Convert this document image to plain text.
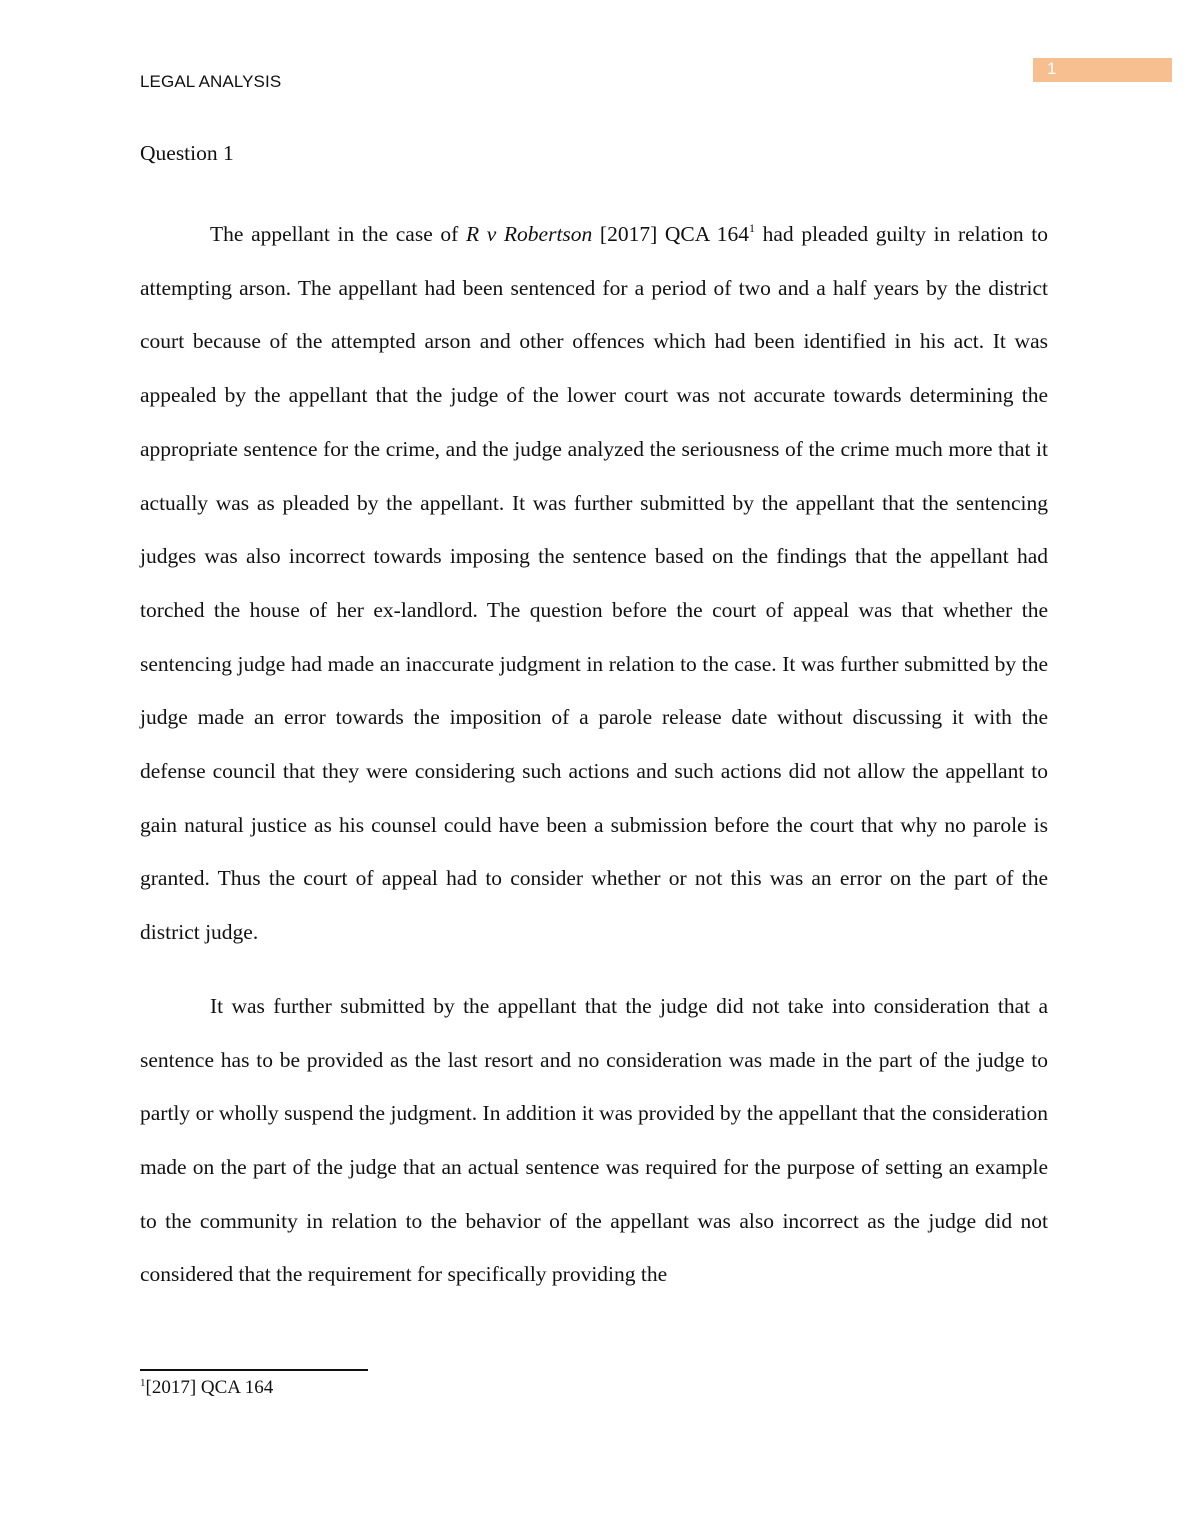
1
LEGAL ANALYSIS
Question 1

The appellant in the case of R v Robertson [2017] QCA $164^1$ had pleaded guilty in relation to attempting arson. The appellant had been sentenced for a period of two and a half years by the district court because of the attempted arson and other offences which had been identified in his act. It was appealed by the appellant that the judge of the lower court was not accurate towards determining the appropriate sentence for the crime, and the judge analyzed the seriousness of the crime much more that it actually was as pleaded by the appellant. It was further submitted by the appellant that the sentencing judges was also incorrect towards imposing the sentence based on the findings that the appellant had torched the house of her ex-landlord. The question before the court of appeal was that whether the sentencing judge had made an inaccurate judgment in relation to the case. It was further submitted by the judge made an error towards the imposition of a parole release date without discussing it with the defense council that they were considering such actions and such actions did not allow the appellant to gain natural justice as his counsel could have been a submission before the court that why no parole is granted. Thus the court of appeal had to consider whether or not this was an error on the part of the district judge.

It was further submitted by the appellant that the judge did not take into consideration that a sentence has to be provided as the last resort and no consideration was made in the part of the judge to partly or wholly suspend the judgment. In addition it was provided by the appellant that the consideration made on the part of the judge that an actual sentence was required for the purpose of setting an example to the community in relation to the behavior of the appellant was also incorrect as the judge did not considered that the requirement for specifically providing the

$^1$[2017] QCA 164
